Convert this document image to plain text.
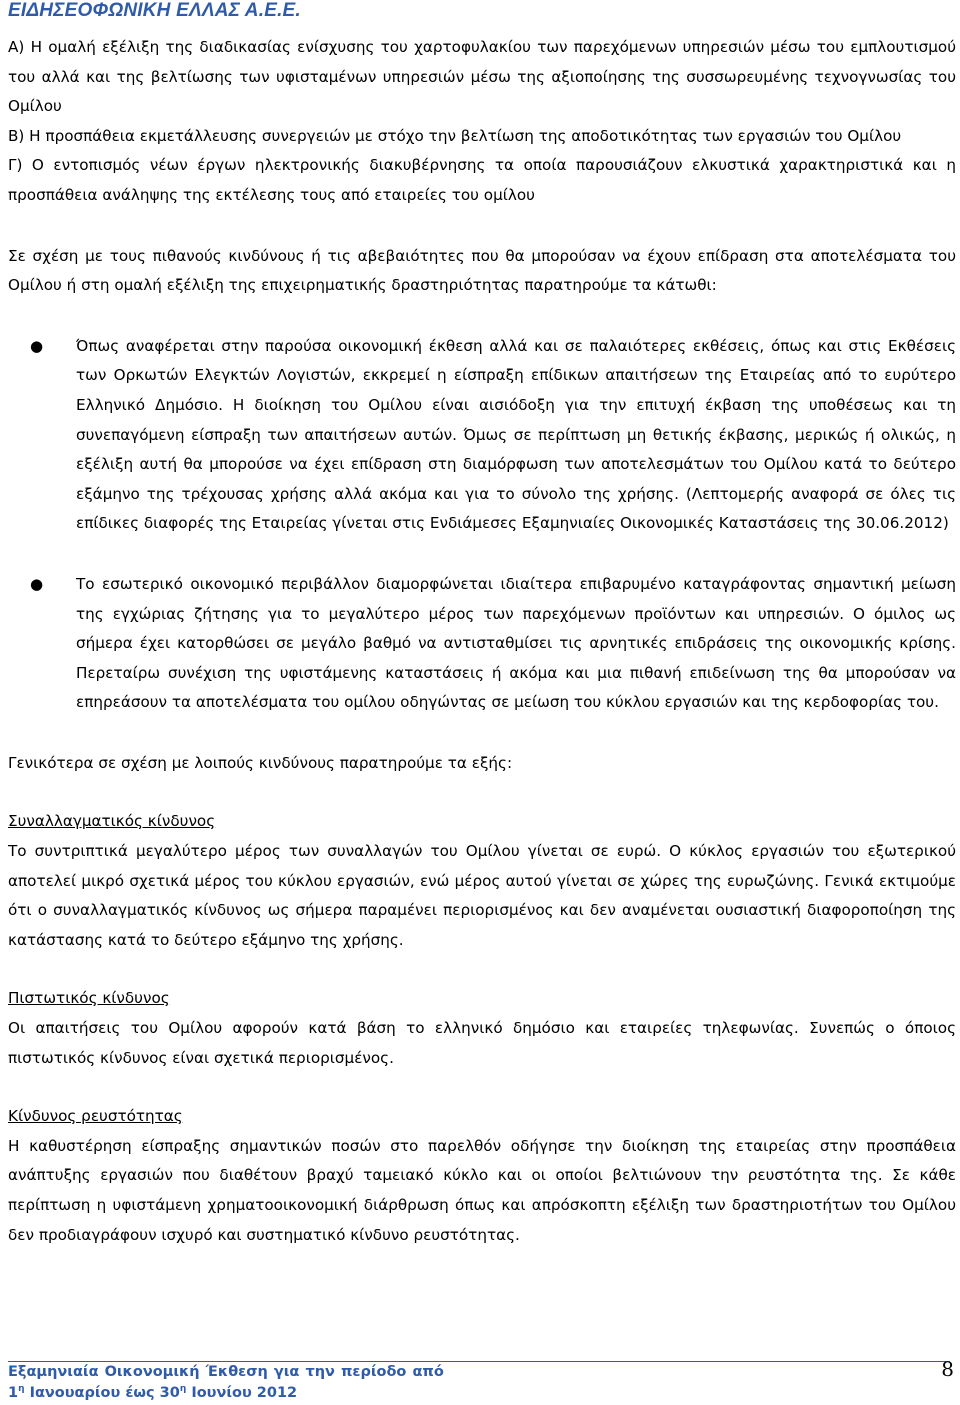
ΕΙΔΗΣΕΟΦΩΝΙΚΗ ΕΛΛΑΣ Α.Ε.Ε.

Α) Η ομαλή εξέλιξη της διαδικασίας ενίσχυσης του χαρτοφυλακίου των παρεχόμενων υπηρεσιών μέσω του εμπλουτισμού του αλλά και της βελτίωσης των υφισταμένων υπηρεσιών μέσω της αξιοποίησης της συσσωρευμένης τεχνογνωσίας του Ομίλου

Β) Η προσπάθεια εκμετάλλευσης συνεργειών με στόχο την βελτίωση της αποδοτικότητας των εργασιών του Ομίλου

Γ) Ο εντοπισμός νέων έργων ηλεκτρονικής διακυβέρνησης τα οποία παρουσιάζουν ελκυστικά χαρακτηριστικά και η προσπάθεια ανάληψης της εκτέλεσης τους από εταιρείες του ομίλου

Σε σχέση με τους πιθανούς κινδύνους ή τις αβεβαιότητες που θα μπορούσαν να έχουν επίδραση στα αποτελέσματα του Ομίλου ή στη ομαλή εξέλιξη της επιχειρηματικής δραστηριότητας παρατηρούμε τα κάτωθι:

● Όπως αναφέρεται στην παρούσα οικονομική έκθεση αλλά και σε παλαιότερες εκθέσεις, όπως και στις Εκθέσεις των Ορκωτών Ελεγκτών Λογιστών, εκκρεμεί η είσπραξη επίδικων απαιτήσεων της Εταιρείας από το ευρύτερο Ελληνικό Δημόσιο. Η διοίκηση του Ομίλου είναι αισιόδοξη για την επιτυχή έκβαση της υποθέσεως και τη συνεπαγόμενη είσπραξη των απαιτήσεων αυτών. Όμως σε περίπτωση μη θετικής έκβασης, μερικώς ή ολικώς, η εξέλιξη αυτή θα μπορούσε να έχει επίδραση στη διαμόρφωση των αποτελεσμάτων του Ομίλου κατά το δεύτερο εξάμηνο της τρέχουσας χρήσης αλλά ακόμα και για το σύνολο της χρήσης. (Λεπτομερής αναφορά σε όλες τις επίδικες διαφορές της Εταιρείας γίνεται στις Ενδιάμεσες Εξαμηνιαίες Οικονομικές Καταστάσεις της 30.06.2012)

● Το εσωτερικό οικονομικό περιβάλλον διαμορφώνεται ιδιαίτερα επιβαρυμένο καταγράφοντας σημαντική μείωση της εγχώριας ζήτησης για το μεγαλύτερο μέρος των παρεχόμενων προϊόντων και υπηρεσιών. Ο όμιλος ως σήμερα έχει κατορθώσει σε μεγάλο βαθμό να αντισταθμίσει τις αρνητικές επιδράσεις της οικονομικής κρίσης. Περεταίρω συνέχιση της υφιστάμενης καταστάσεις ή ακόμα και μια πιθανή επιδείνωση της θα μπορούσαν να επηρεάσουν τα αποτελέσματα του ομίλου οδηγώντας σε μείωση του κύκλου εργασιών και της κερδοφορίας του.

Γενικότερα σε σχέση με λοιπούς κινδύνους παρατηρούμε τα εξής:

Συναλλαγματικός κίνδυνος

Το συντριπτικά μεγαλύτερο μέρος των συναλλαγών του Ομίλου γίνεται σε ευρώ. Ο κύκλος εργασιών του εξωτερικού αποτελεί μικρό σχετικά μέρος του κύκλου εργασιών, ενώ μέρος αυτού γίνεται σε χώρες της ευρωζώνης. Γενικά εκτιμούμε ότι ο συναλλαγματικός κίνδυνος ως σήμερα παραμένει περιορισμένος και δεν αναμένεται ουσιαστική διαφοροποίηση της κατάστασης κατά το δεύτερο εξάμηνο της χρήσης.

Πιστωτικός κίνδυνος

Οι απαιτήσεις του Ομίλου αφορούν κατά βάση το ελληνικό δημόσιο και εταιρείες τηλεφωνίας. Συνεπώς ο όποιος πιστωτικός κίνδυνος είναι σχετικά περιορισμένος.

Κίνδυνος ρευστότητας

Η καθυστέρηση είσπραξης σημαντικών ποσών στο παρελθόν οδήγησε την διοίκηση της εταιρείας στην προσπάθεια ανάπτυξης εργασιών που διαθέτουν βραχύ ταμειακό κύκλο και οι οποίοι βελτιώνουν την ρευστότητα της. Σε κάθε περίπτωση η υφιστάμενη χρηματοοικονομική διάρθρωση όπως και απρόσκοπτη εξέλιξη των δραστηριοτήτων του Ομίλου δεν προδιαγράφουν ισχυρό και συστηματικό κίνδυνο ρευστότητας.

Εξαμηνιαία Οικονομική Έκθεση για την περίοδο από
$1^\eta$ Ιανουαρίου έως $30^\eta$ Ιουνίου 2012
8
